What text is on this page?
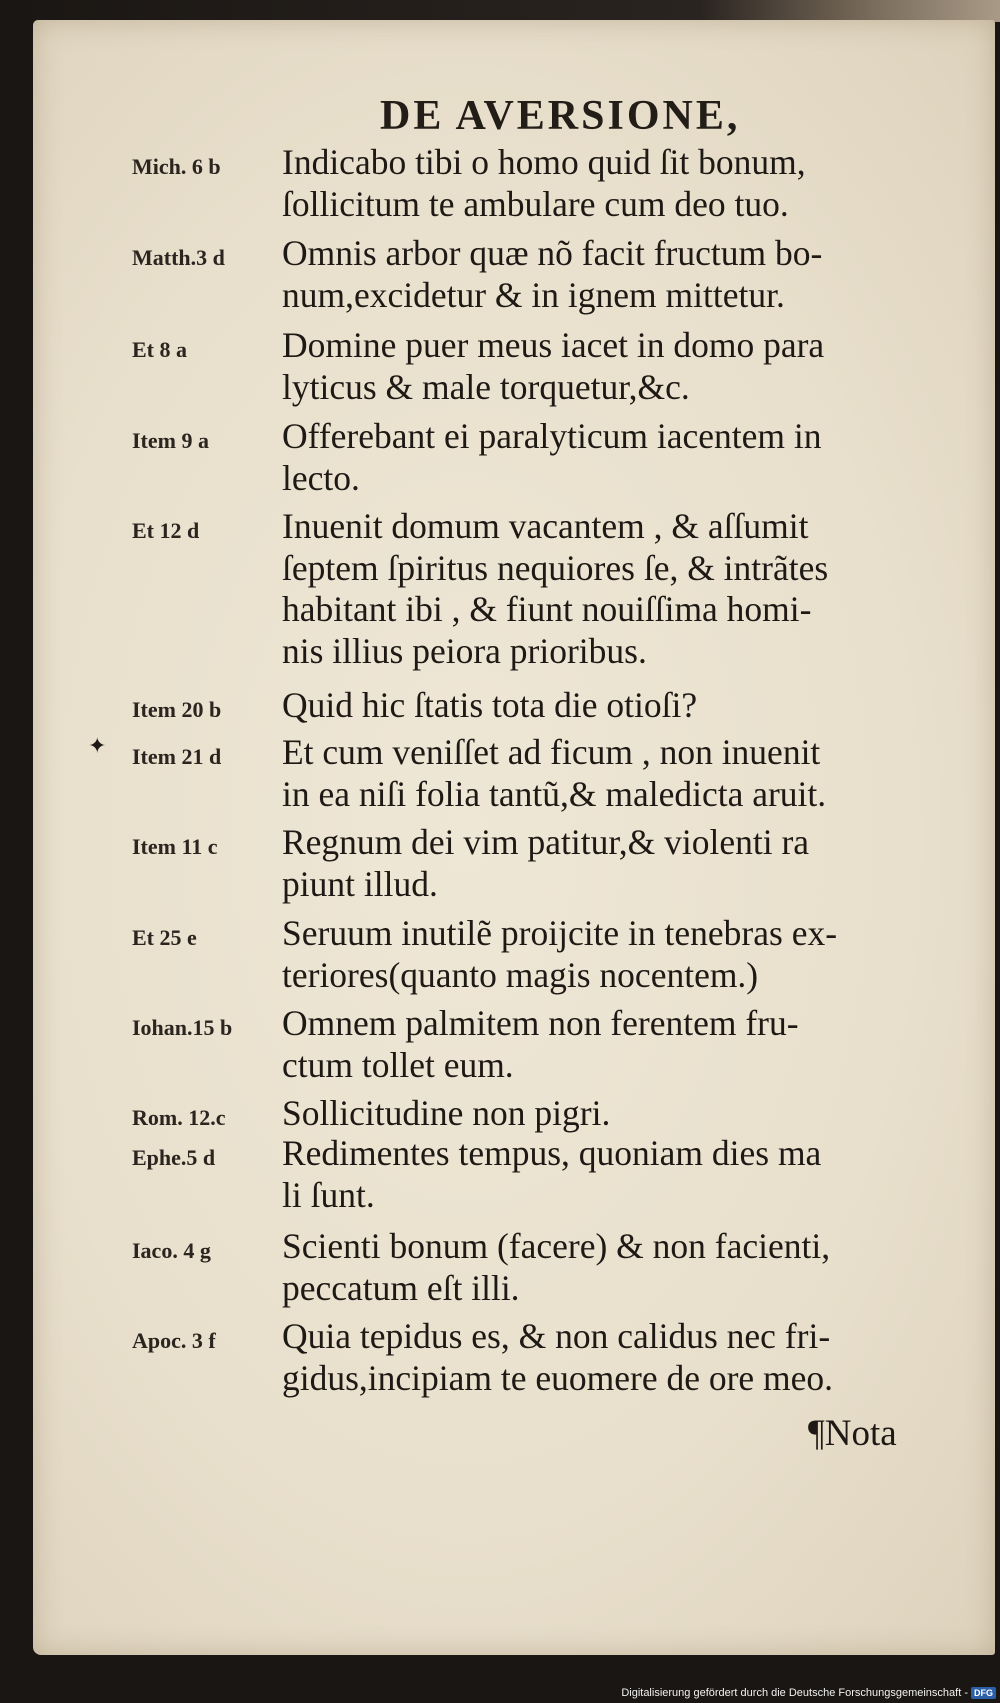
DE AVERSIONE,
✦
Mich. 6 b	Indicabo tibi o homo quid ſit bonum,
ſollicitum te ambulare cum deo tuo.
Matth.3 d	Omnis arbor quæ nõ facit fructum bo-
num,excidetur & in ignem mittetur.
Et 8 a	Domine puer meus iacet in domo para
lyticus & male torquetur,&c.
Item 9 a	Offerebant ei paralyticum iacentem in
lecto.
Et 12 d	Inuenit domum vacantem , & aſſumit
ſeptem ſpiritus nequiores ſe, & intrãtes
habitant ibi , & fiunt nouiſſima homi-
nis illius peiora prioribus.
Item 20 b	Quid hic ſtatis tota die otioſi?
Item 21 d	Et cum veniſſet ad ficum , non inuenit
in ea niſi folia tantũ,& maledicta aruit.
Item 11 c	Regnum dei vim patitur,& violenti ra
piunt illud.
Et 25 e	Seruum inutilẽ proijcite in tenebras ex-
teriores(quanto magis nocentem.)
Iohan.15 b	Omnem palmitem non ferentem fru-
ctum tollet eum.
Rom. 12.c	Sollicitudine non pigri.
Ephe.5 d	Redimentes tempus, quoniam dies ma
li ſunt.
Iaco. 4 g	Scienti bonum (facere) & non facienti,
peccatum eſt illi.
Apoc. 3 f	Quia tepidus es, & non calidus nec fri-
gidus,incipiam te euomere de ore meo.
¶Nota
Digitalisierung gefördert durch die Deutsche Forschungsgemeinschaft - DFG
